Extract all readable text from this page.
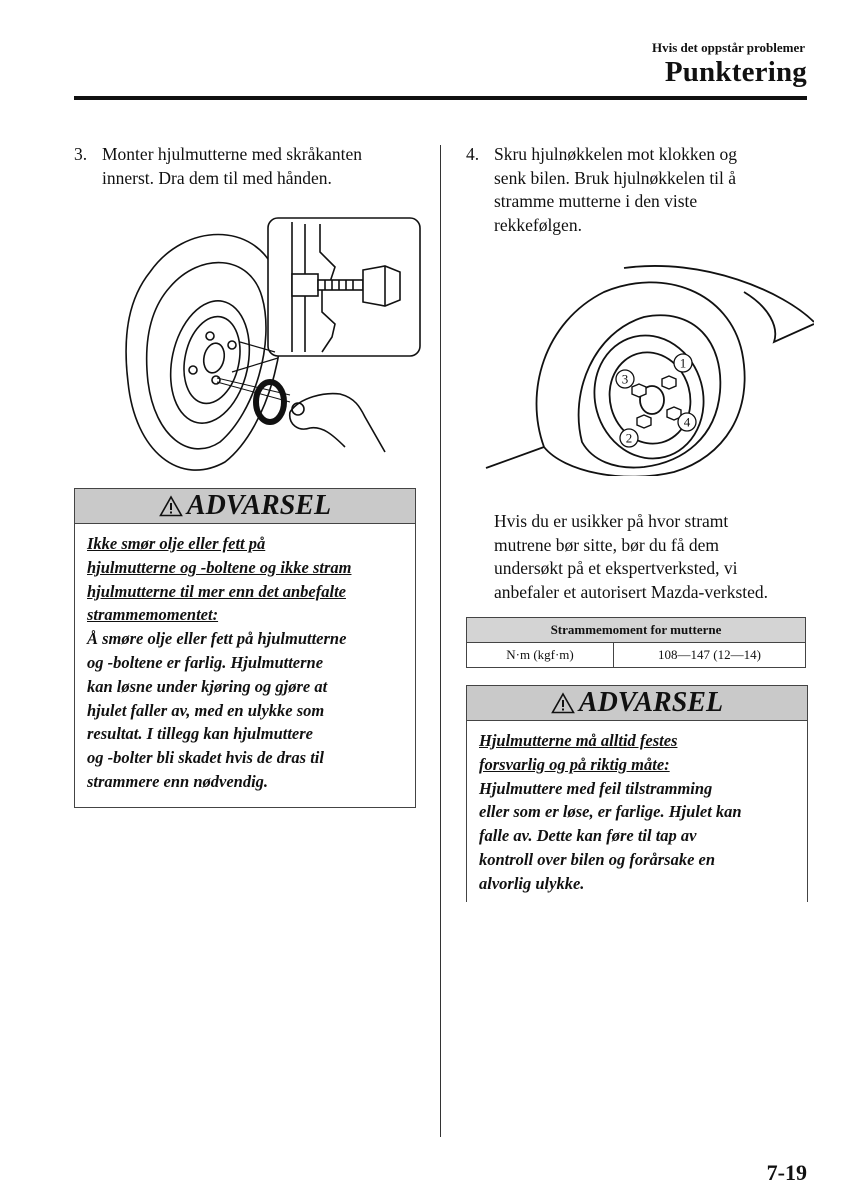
Hvis det oppstår problemer
Punktering
3. Monter hjulmutterne med skråkanten
innerst. Dra dem til med hånden.
ADVARSEL
Ikke smør olje eller fett på
hjulmutterne og -boltene og ikke stram
hjulmutterne til mer enn det anbefalte
strammemomentet:
Å smøre olje eller fett på hjulmutterne
og -boltene er farlig. Hjulmutterne
kan løsne under kjøring og gjøre at
hjulet faller av, med en ulykke som
resultat. I tillegg kan hjulmuttere
og -bolter bli skadet hvis de dras til
strammere enn nødvendig.
4. Skru hjulnøkkelen mot klokken og
senk bilen. Bruk hjulnøkkelen til å
stramme mutterne i den viste
rekkefølgen.
1
2
3
4
Hvis du er usikker på hvor stramt
mutrene bør sitte, bør du få dem
undersøkt på et ekspertverksted, vi
anbefaler et autorisert Mazda-verksted.
Strammemoment for mutterne
N·m (kgf·m)	108—147 (12—14)
ADVARSEL
Hjulmutterne må alltid festes
forsvarlig og på riktig måte:
Hjulmuttere med feil tilstramming
eller som er løse, er farlige. Hjulet kan
falle av. Dette kan føre til tap av
kontroll over bilen og forårsake en
alvorlig ulykke.
7-19
